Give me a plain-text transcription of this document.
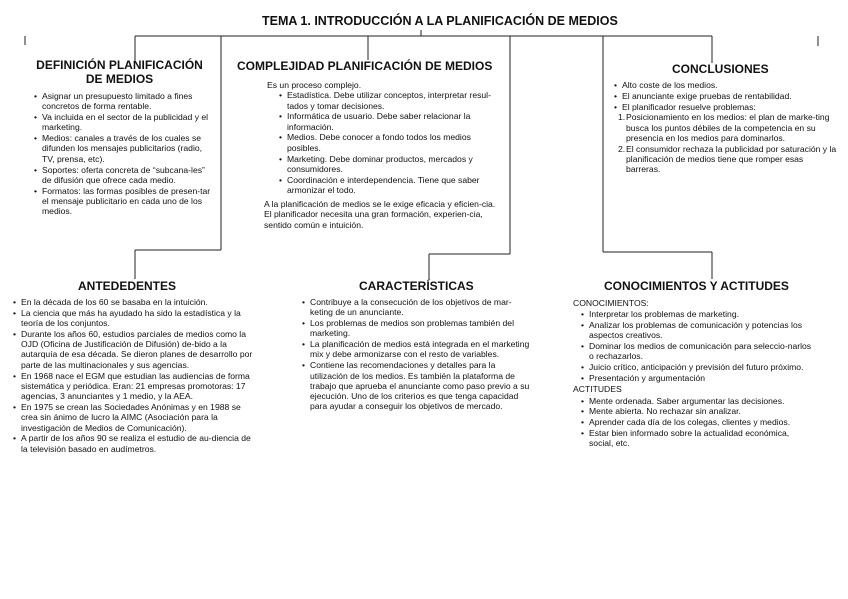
TEMA 1. INTRODUCCIÓN A LA PLANIFICACIÓN DE MEDIOS
DEFINICIÓN PLANIFICACIÓN
DE MEDIOS
• Asignar un presupuesto limitado a fines concretos de forma rentable.
• Va incluida en el sector de la publicidad y el marketing.
• Medios: canales a través de los cuales se difunden los mensajes publicitarios (radio, TV, prensa, etc).
• Soportes: oferta concreta de “subcana-les” de difusión que ofrece cada medio.
• Formatos: las formas posibles de presen-tar el mensaje publicitario en cada uno de los medios.
COMPLEJIDAD PLANIFICACIÓN DE MEDIOS
Es un proceso complejo.
• Estadística. Debe utilizar conceptos, interpretar resul-tados y tomar decisiones.
• Informática de usuario. Debe saber relacionar la información.
• Medios. Debe conocer a fondo todos los medios posibles.
• Marketing. Debe dominar productos, mercados y consumidores.
• Coordinación e interdependencia. Tiene que saber armonizar el todo.
A la planificación de medios se le exige eficacia y eficien-cia. El planificador necesita una gran formación, experien-cia, sentido común e intuición.
CONCLUSIONES
• Alto coste de los medios.
• El anunciante exige pruebas de rentabilidad.
• El planificador resuelve problemas:
1. Posicionamiento en los medios: el plan de marke-ting busca los puntos débiles de la competencia en su presencia en los medios para dominarlos.
2. El consumidor rechaza la publicidad por saturación y la planificación de medios tiene que romper esas barreras.
ANTEDEDENTES
• En la década de los 60 se basaba en la intuición.
• La ciencia que más ha ayudado ha sido la estadística y la teoría de los conjuntos.
• Durante los años 60, estudios parciales de medios como la OJD (Oficina de Justificación de Difusión) de-bido a la autarquía de esa década. Se dieron planes de desarrollo por parte de las multinacionales y sus agencias.
• En 1968 nace el EGM que estudian las audiencias de forma sistemática y periódica. Eran: 21 empresas promotoras: 17 agencias, 3 anunciantes y 1 medio, y la AEA.
• En 1975 se crean las Sociedades Anónimas y en 1988 se crea sin ánimo de lucro la AIMC (Asociación para la investigación de Medios de Comunicación).
• A partir de los años 90 se realiza el estudio de au-diencia de la televisión basado en audímetros.
CARACTERÍSTICAS
• Contribuye a la consecución de los objetivos de mar-keting de un anunciante.
• Los problemas de medios son problemas también del marketing.
• La planificación de medios está integrada en el marketing mix y debe armonizarse con el resto de variables.
• Contiene las recomendaciones y detalles para la utilización de los medios. Es también la plataforma de trabajo que aprueba el anunciante como paso previo a su ejecución. Uno de los criterios es que tenga capacidad para ayudar a conseguir los objetivos de mercado.
CONOCIMIENTOS Y ACTITUDES
CONOCIMIENTOS:
• Interpretar los problemas de marketing.
• Analizar los problemas de comunicación y potencias los aspectos creativos.
• Dominar los medios de comunicación para seleccio-narlos o rechazarlos.
• Juicio crítico, anticipación y previsión del futuro próximo.
• Presentación y argumentación
ACTITUDES
• Mente ordenada. Saber argumentar las decisiones.
• Mente abierta. No rechazar sin analizar.
• Aprender cada día de los colegas, clientes y medios.
• Estar bien informado sobre la actualidad económica, social, etc.
